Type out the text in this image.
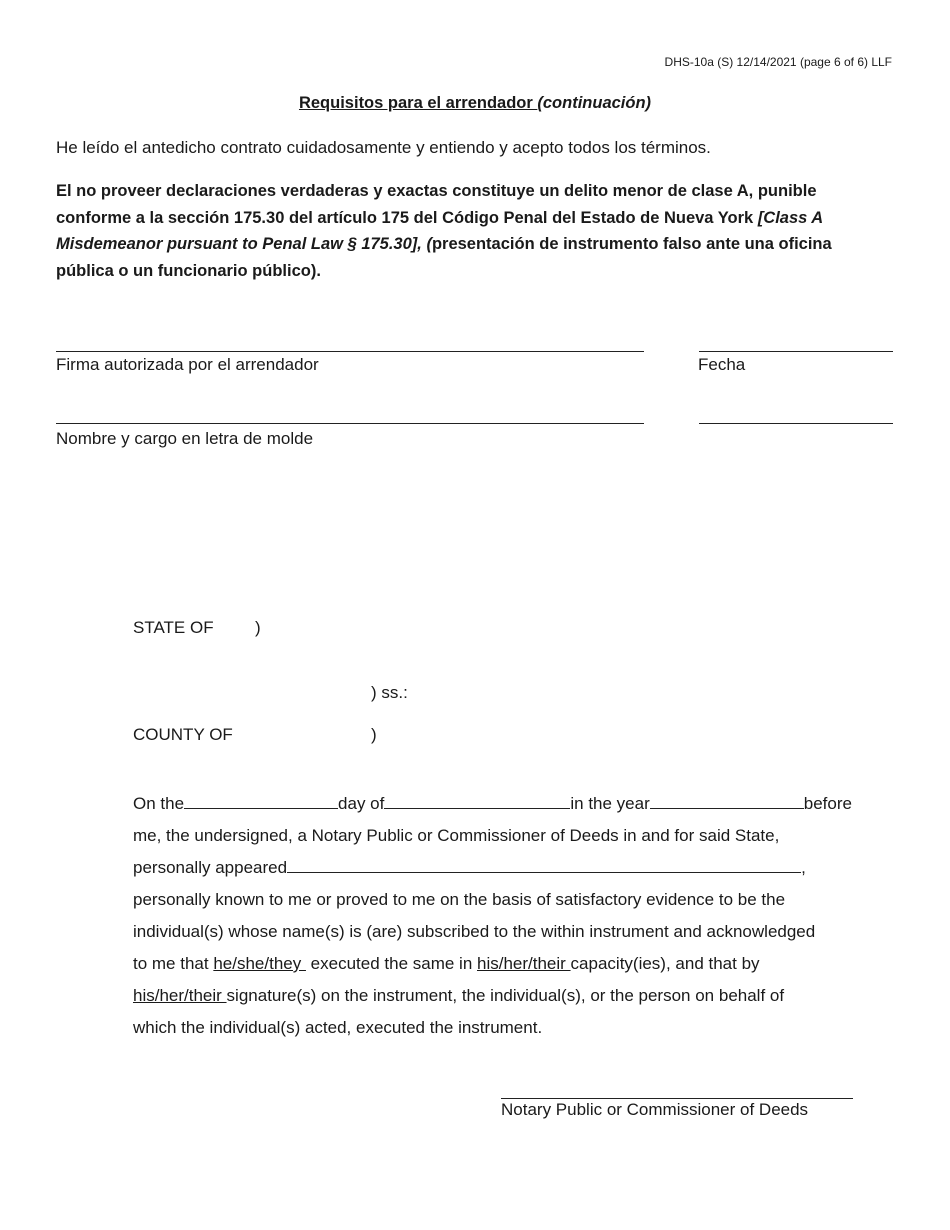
DHS-10a (S) 12/14/2021 (page 6 of 6) LLF
Requisitos para el arrendador (continuación)
He leído el antedicho contrato cuidadosamente y entiendo y acepto todos los términos.
El no proveer declaraciones verdaderas y exactas constituye un delito menor de clase A, punible conforme a la sección 175.30 del artículo 175 del Código Penal del Estado de Nueva York [Class A Misdemeanor pursuant to Penal Law § 175.30], (presentación de instrumento falso ante una oficina pública o un funcionario público).
Firma autorizada por el arrendador	Fecha
Nombre y cargo en letra de molde
STATE OF )
) ss.:
COUNTY OF	)
On the	day of	in the year	before
me, the undersigned, a Notary Public or Commissioner of Deeds in and for said State,
personally appeared	,
personally known to me or proved to me on the basis of satisfactory evidence to be the
individual(s) whose name(s) is (are) subscribed to the within instrument and acknowledged
to me that he/she/they  executed the same in his/her/their capacity(ies), and that by
his/her/their signature(s) on the instrument, the individual(s), or the person on behalf of
which the individual(s) acted, executed the instrument.
Notary Public or Commissioner of Deeds
